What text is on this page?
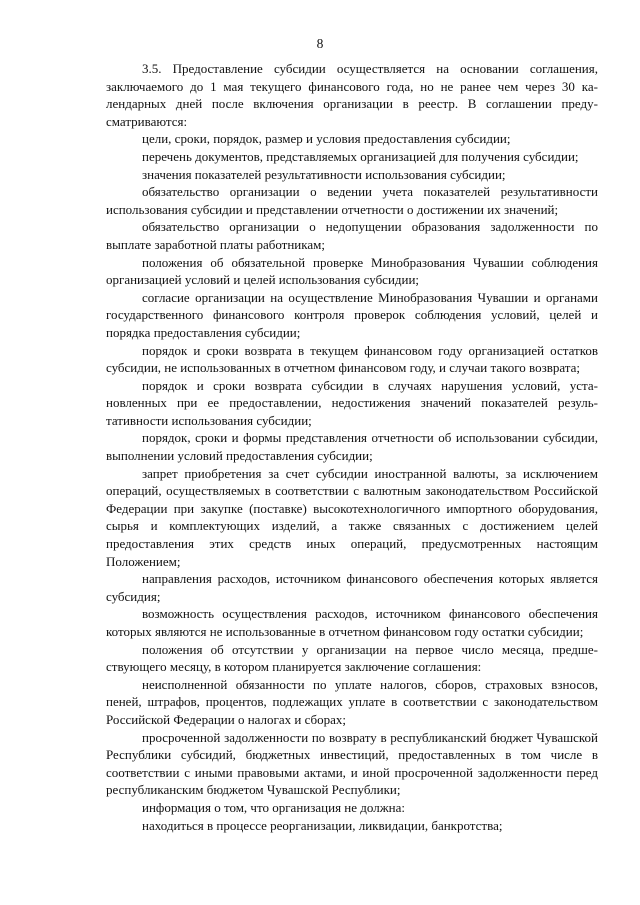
8

3.5. Предоставление субсидии осуществляется на основании соглашения, заключаемого до 1 мая текущего финансового года, но не ранее чем через 30 календарных дней после включения организации в реестр. В соглашении предусматриваются:

цели, сроки, порядок, размер и условия предоставления субсидии;

перечень документов, представляемых организацией для получения субсидии;

значения показателей результативности использования субсидии;

обязательство организации о ведении учета показателей результативности использования субсидии и представлении отчетности о достижении их значений;

обязательство организации о недопущении образования задолженности по выплате заработной платы работникам;

положения об обязательной проверке Минобразования Чувашии соблюдения организацией условий и целей использования субсидии;

согласие организации на осуществление Минобразования Чувашии и органами государственного финансового контроля проверок соблюдения условий, целей и порядка предоставления субсидии;

порядок и сроки возврата в текущем финансовом году организацией остатков субсидии, не использованных в отчетном финансовом году, и случаи такого возврата;

порядок и сроки возврата субсидии в случаях нарушения условий, установленных при ее предоставлении, недостижения значений показателей результативности использования субсидии;

порядок, сроки и формы представления отчетности об использовании субсидии, выполнении условий предоставления субсидии;

запрет приобретения за счет субсидии иностранной валюты, за исключением операций, осуществляемых в соответствии с валютным законодательством Российской Федерации при закупке (поставке) высокотехнологичного импортного оборудования, сырья и комплектующих изделий, а также связанных с достижением целей предоставления этих средств иных операций, предусмотренных настоящим Положением;

направления расходов, источником финансового обеспечения которых является субсидия;

возможность осуществления расходов, источником финансового обеспечения которых являются не использованные в отчетном финансовом году остатки субсидии;

положения об отсутствии у организации на первое число месяца, предшествующего месяцу, в котором планируется заключение соглашения:

неисполненной обязанности по уплате налогов, сборов, страховых взносов, пеней, штрафов, процентов, подлежащих уплате в соответствии с законодательством Российской Федерации о налогах и сборах;

просроченной задолженности по возврату в республиканский бюджет Чувашской Республики субсидий, бюджетных инвестиций, предоставленных в том числе в соответствии с иными правовыми актами, и иной просроченной задолженности перед республиканским бюджетом Чувашской Республики;

информация о том, что организация не должна:

находиться в процессе реорганизации, ликвидации, банкротства;
